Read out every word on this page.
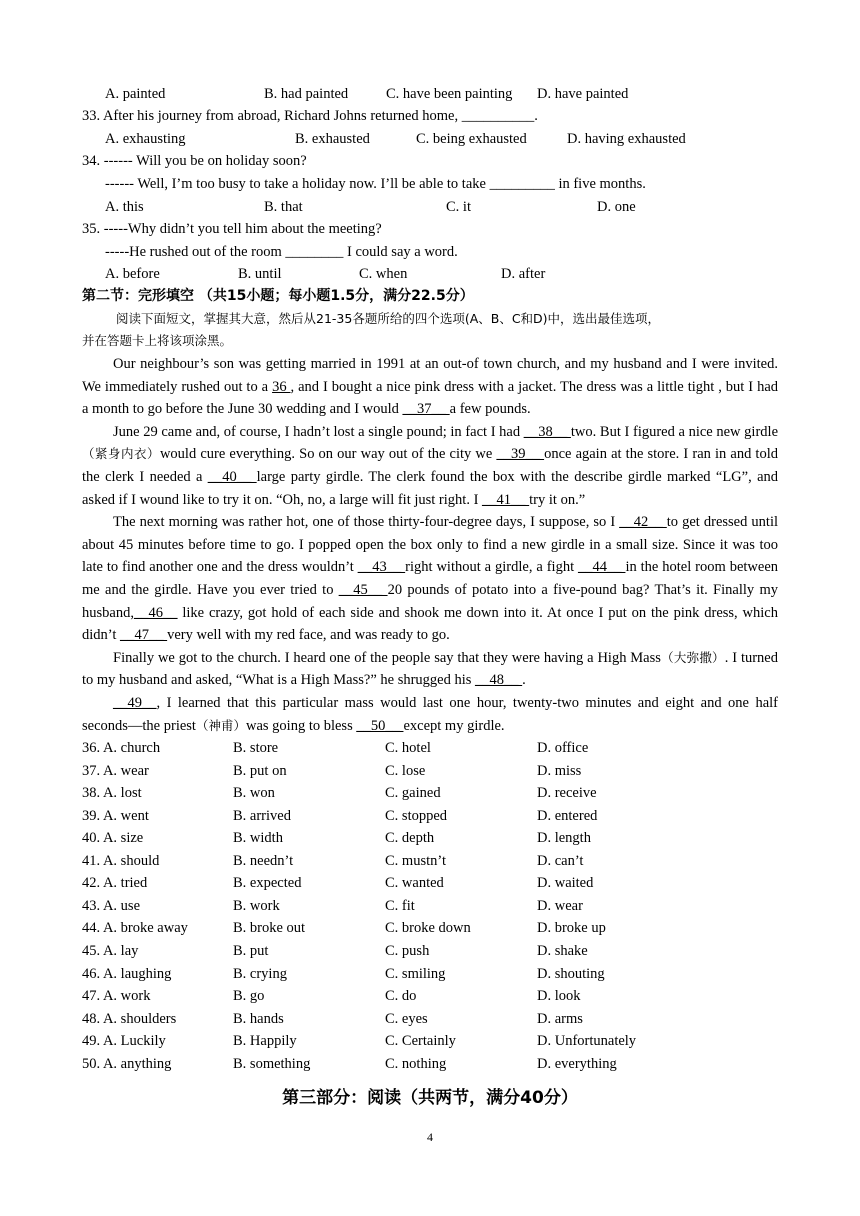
A. painted	B. had painted	C. have been painting D. have painted
33. After his journey from abroad, Richard Johns returned home, __________.
A. exhausting	B. exhausted	C. being exhausted	D. having exhausted
34. ------ Will you be on holiday soon?
------ Well, I’m too busy to take a holiday now. I’ll be able to take _________ in five months.
A. this	B. that	C. it	D. one
35. -----Why didn’t you tell him about the meeting?
-----He rushed out of the room ________ I could say a word.
A. before	B. until	C. when	D. after
第二节：完形填空 （共15小题；每小题1.5分，满分22.5分）
阅读下面短文，掌握其大意，然后从21-35各题所给的四个选项(A、B、C和D)中，选出最佳选项，
并在答题卡上将该项涂黑。

Our neighbour’s son was getting married in 1991 at an out-of town church, and my husband and I were invited. We immediately rushed out to a 36 , and I bought a nice pink dress with a jacket. The dress was a little tight , but I had a month to go before the June 30 wedding and I would __37__ a few pounds.

June 29 came and, of course, I hadn’t lost a single pound; in fact I had __38__ two. But I figured a nice new girdle（紧身内衣）would cure everything. So on our way out of the city we __39__ once again at the store. I ran in and told the clerk I needed a __40__ large party girdle. The clerk found the box with the describe girdle marked “LG”, and asked if I wound like to try it on. “Oh, no, a large will fit just right. I __41__ try it on.”

The next morning was rather hot, one of those thirty-four-degree days, I suppose, so I __42__ to get dressed until about 45 minutes before time to go. I popped open the box only to find a new girdle in a small size. Since it was too late to find another one and the dress wouldn’t __43__ right without a girdle, a fight __44__ in the hotel room between me and the girdle. Have you ever tried to __45__ 20 pounds of potato into a five-pound bag? That’s it. Finally my husband,__46__ like crazy, got hold of each side and shook me down into it. At once I put on the pink dress, which didn’t __47__ very well with my red face, and was ready to go.

Finally we got to the church. I heard one of the people say that they were having a High Mass（大弥撒）. I turned to my husband and asked, “What is a High Mass?” he shrugged his __48__ .

__49__, I learned that this particular mass would last one hour, twenty-two minutes and eight and one half seconds—the priest（神甫）was going to bless __50__ except my girdle.

36. A. church	B. store	C. hotel	D. office
37. A. wear	B. put on	C. lose	D. miss
38. A. lost	B. won	C. gained	D. receive
39. A. went	B. arrived	C. stopped	D. entered
40. A. size	B. width	C. depth	D. length
41. A. should	B. needn’t	C. mustn’t	D. can’t
42. A. tried	B. expected	C. wanted	D. waited
43. A. use	B. work	C. fit	D. wear
44. A. broke away	B. broke out	C. broke down	D. broke up
45. A. lay	B. put	C. push	D. shake
46. A. laughing	B. crying	C. smiling	D. shouting
47. A. work	B. go	C. do	D. look
48. A. shoulders	B. hands	C. eyes	D. arms
49. A. Luckily	B. Happily	C. Certainly	D. Unfortunately
50. A. anything	B. something	C. nothing	D. everything
第三部分：阅读（共两节，满分40分）
4
